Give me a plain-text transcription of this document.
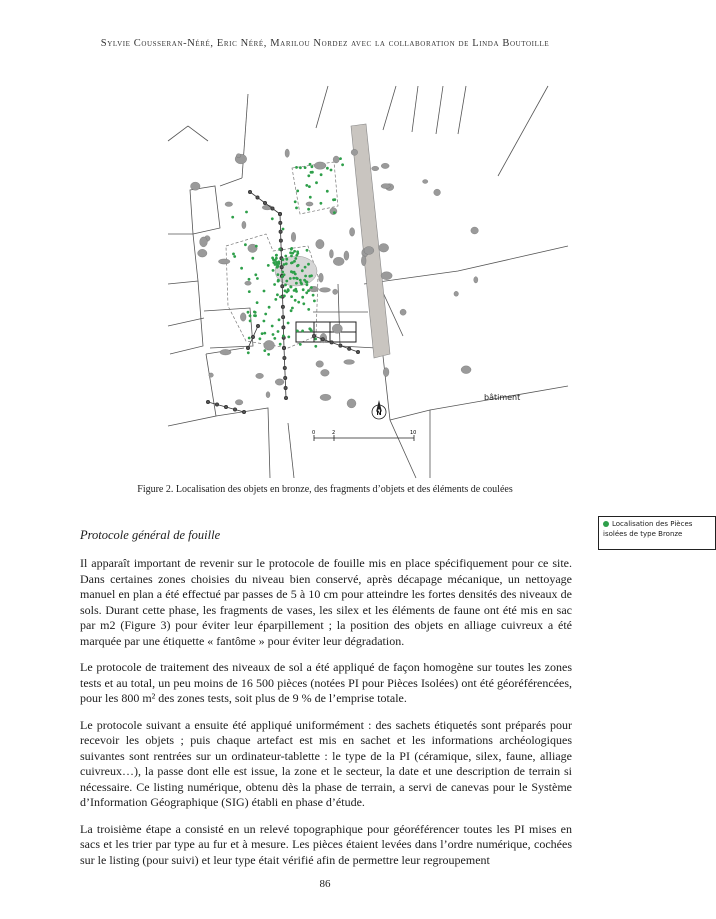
Sylvie Cousseran-Néré, Eric Néré, Marilou Nordez avec la collaboration de Linda Boutoille
0	2	10
N
Localisation des Pièces isolées de type Bronze
bâtiment
Figure 2. Localisation des objets en bronze, des fragments d’objets et des éléments de coulées
Protocole général de fouille

Il apparaît important de revenir sur le protocole de fouille mis en place spécifiquement pour ce site. Dans certaines zones choisies du niveau bien conservé, après décapage mécanique, un nettoyage manuel en plan a été effectué par passes de 5 à 10 cm pour atteindre les fortes densités des niveaux de sols. Durant cette phase, les fragments de vases, les silex et les éléments de faune ont été mis en sac par m2 (Figure 3) pour éviter leur éparpillement ; la position des objets en alliage cuivreux a été marquée par une étiquette « fantôme » pour éviter leur dégradation.

Le protocole de traitement des niveaux de sol a été appliqué de façon homogène sur toutes les zones tests et au total, un peu moins de 16 500 pièces (notées PI pour Pièces Isolées) ont été géoréférencées, pour les 800 m² des zones tests, soit plus de 9 % de l’emprise totale.

Le protocole suivant a ensuite été appliqué uniformément : des sachets étiquetés sont préparés pour recevoir les objets ; puis chaque artefact est mis en sachet et les informations archéologiques suivantes sont rentrées sur un ordinateur-tablette : le type de la PI (céramique, silex, faune, alliage cuivreux…), la passe dont elle est issue, la zone et le secteur, la date et une description de terrain si nécessaire. Ce listing numérique, obtenu dès la phase de terrain, a servi de canevas pour le Système d’Information Géographique (SIG) établi en phase d’étude.

La troisième étape a consisté en un relevé topographique pour géoréférencer toutes les PI mises en sacs et les trier par type au fur et à mesure. Les pièces étaient levées dans l’ordre numérique, cochées sur le listing (pour suivi) et leur type était vérifié afin de permettre leur regroupement

86
